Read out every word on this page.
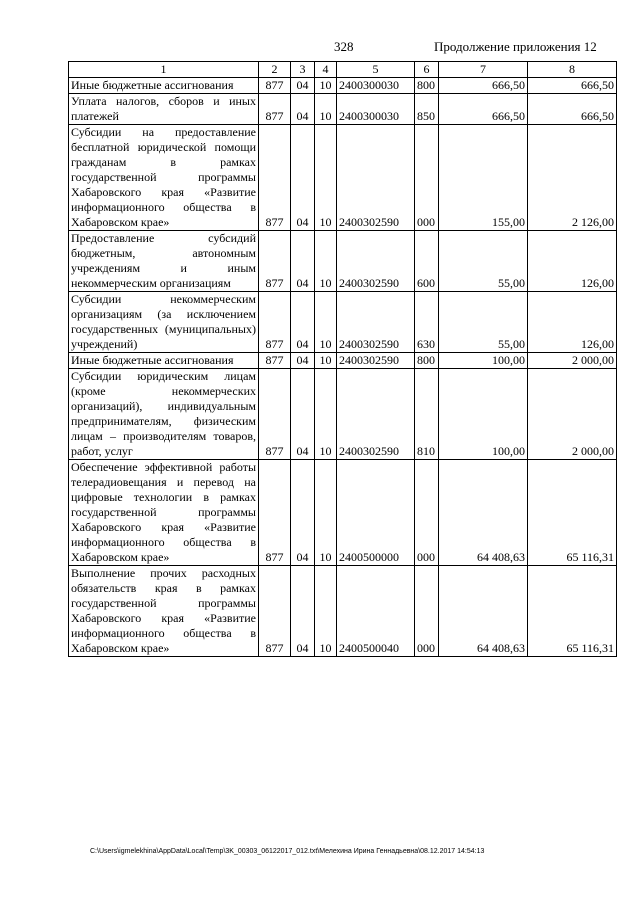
328	Продолжение приложения 12
1	2	3	4	5	6	7	8
Иные бюджетные ассигнования	877	04	10	2400300030	800	666,50	666,50
Уплата налогов, сборов и иных платежей	877	04	10	2400300030	850	666,50	666,50
Субсидии на предоставление бесплатной юридической помощи гражданам в рамках государственной программы Хабаровского края «Развитие информационного общества в Хабаровском крае»	877	04	10	2400302590	000	155,00	2 126,00
Предоставление субсидий бюджетным, автономным учреждениям и иным некоммерческим организациям	877	04	10	2400302590	600	55,00	126,00
Субсидии некоммерческим организациям (за исключением государственных (муниципальных) учреждений)	877	04	10	2400302590	630	55,00	126,00
Иные бюджетные ассигнования	877	04	10	2400302590	800	100,00	2 000,00
Субсидии юридическим лицам (кроме некоммерческих организаций), индивидуальным предпринимателям, физическим лицам – производителям товаров, работ, услуг	877	04	10	2400302590	810	100,00	2 000,00
Обеспечение эффективной работы телерадиовещания и перевод на цифровые технологии в рамках государственной программы Хабаровского края «Развитие информационного общества в Хабаровском крае»	877	04	10	2400500000	000	64 408,63	65 116,31
Выполнение прочих расходных обязательств края в рамках государственной программы Хабаровского края «Развитие информационного общества в Хабаровском крае»	877	04	10	2400500040	000	64 408,63	65 116,31
C:\Users\igmelekhina\AppData\Local\Temp\3K_00303_06122017_012.txt\Мелехина Ирина Геннадьевна\08.12.2017 14:54:13
